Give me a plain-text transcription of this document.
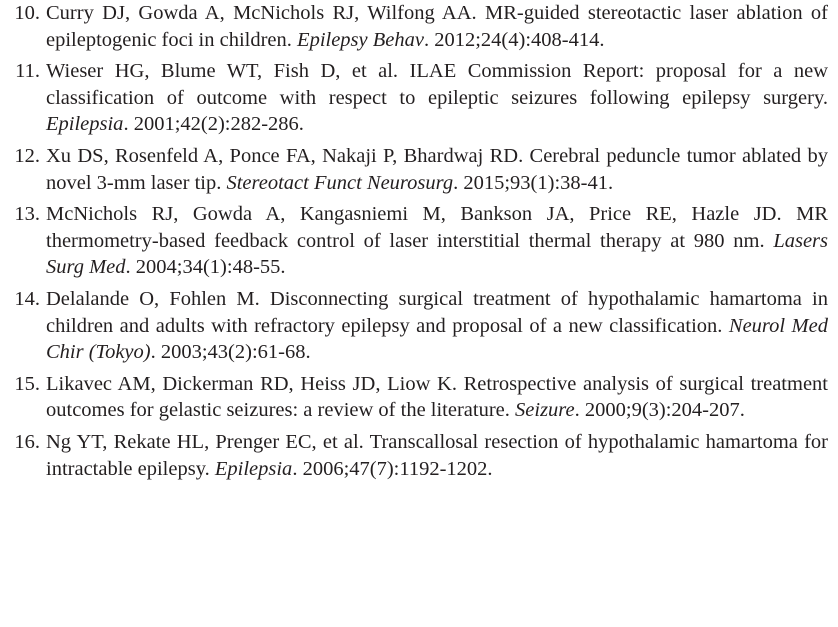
10. Curry DJ, Gowda A, McNichols RJ, Wilfong AA. MR-guided stereotactic laser ablation of epileptogenic foci in children. Epilepsy Behav. 2012;24(4):408-414.
11. Wieser HG, Blume WT, Fish D, et al. ILAE Commission Report: proposal for a new classification of outcome with respect to epileptic seizures following epilepsy surgery. Epilepsia. 2001;42(2):282-286.
12. Xu DS, Rosenfeld A, Ponce FA, Nakaji P, Bhardwaj RD. Cerebral peduncle tumor ablated by novel 3-mm laser tip. Stereotact Funct Neurosurg. 2015;93(1):38-41.
13. McNichols RJ, Gowda A, Kangasniemi M, Bankson JA, Price RE, Hazle JD. MR thermometry-based feedback control of laser interstitial thermal therapy at 980 nm. Lasers Surg Med. 2004;34(1):48-55.
14. Delalande O, Fohlen M. Disconnecting surgical treatment of hypothalamic hamartoma in children and adults with refractory epilepsy and proposal of a new classification. Neurol Med Chir (Tokyo). 2003;43(2):61-68.
15. Likavec AM, Dickerman RD, Heiss JD, Liow K. Retrospective analysis of surgical treatment outcomes for gelastic seizures: a review of the literature. Seizure. 2000;9(3):204-207.
16. Ng YT, Rekate HL, Prenger EC, et al. Transcallosal resection of hypothalamic hamartoma for intractable epilepsy. Epilepsia. 2006;47(7):1192-1202.
